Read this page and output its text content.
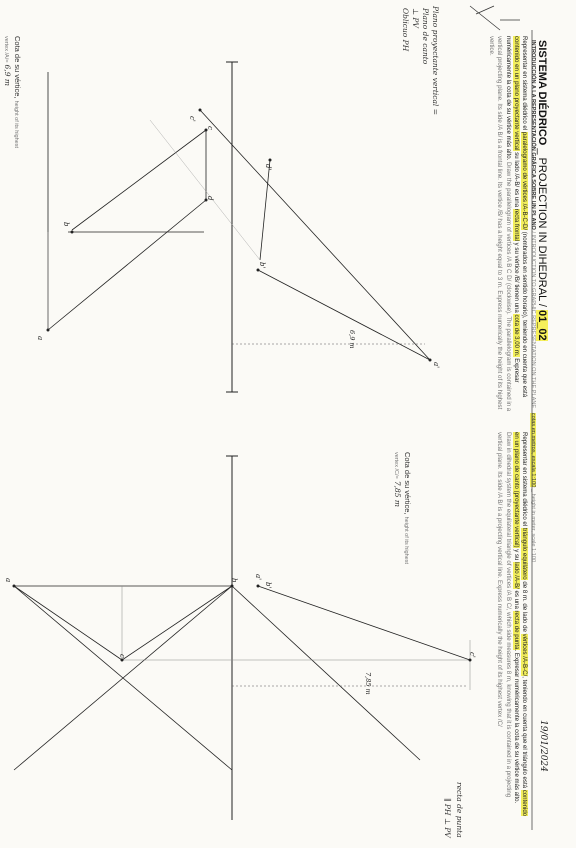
SISTEMA DIÉDRICO _ PROJECTION IN DIHEDRAL / 01_02
INTRODUCCIÓN A LA REPRESENTACIÓN GRÁFICA SOBRE UN PLANO / INTRODUCTION TO GRAPHIC REPRESENTATION ON THE PLANE   cotas en metros, escala 1:100 _ height in meter, scale 1:100
19/01/2024
Representar en sistema diédrico el paralelogramo de vértices /A-B-C-D/ (nombrados en sentido horario), teniendo en cuenta que está contenido en un plano proyectante vertical su lado /A-B/ es una recta frontal y su vértice /B/ tienen una cota de 3,00 m. Expresar numéricamente la cota de su vértice más alto. Draw the parallelogram of vertices /A B C D/ (clockwise). The parallelogram is contained in a vertical projecting plane. Its side /A B/ is a frontal line. Its vertice /B/ has a height equal to 3 m. Express numerically the height of its highest vertice.
Representar en sistema diédrico el triángulo equilátero de 8 m. de lado de vértices /A-B-C/, teniendo en cuenta que el triángulo está contenido en un plano de canto (proyectante vertical) y su lado /A-B/ es una recta de punta. Expresar numéricamente la cota de su vértice más alto. Draw in dihedral system the equilateral triangle of vertices /A B C/, which side measures 8 m, knowing that it is contained in a projecting vertical plane. Its side /A B/ is a projecting vertical line. Express numerically the height of its highest vertex /C/
Plano proyectante vertical =
Plano de canto
⊥ PV
Oblicuo PH
Cota de su vértice, height of its highest
vertex /A/= 6,9 m
recta de punta
∥ PH ⊥ PV
Cota de su vértice, height of its highest
vertex /C/= 7,85 m
a
b
c
d
a'
b'
c'
d'
6,9 m
a	b
c
a'
b'
c'
7,85 m
